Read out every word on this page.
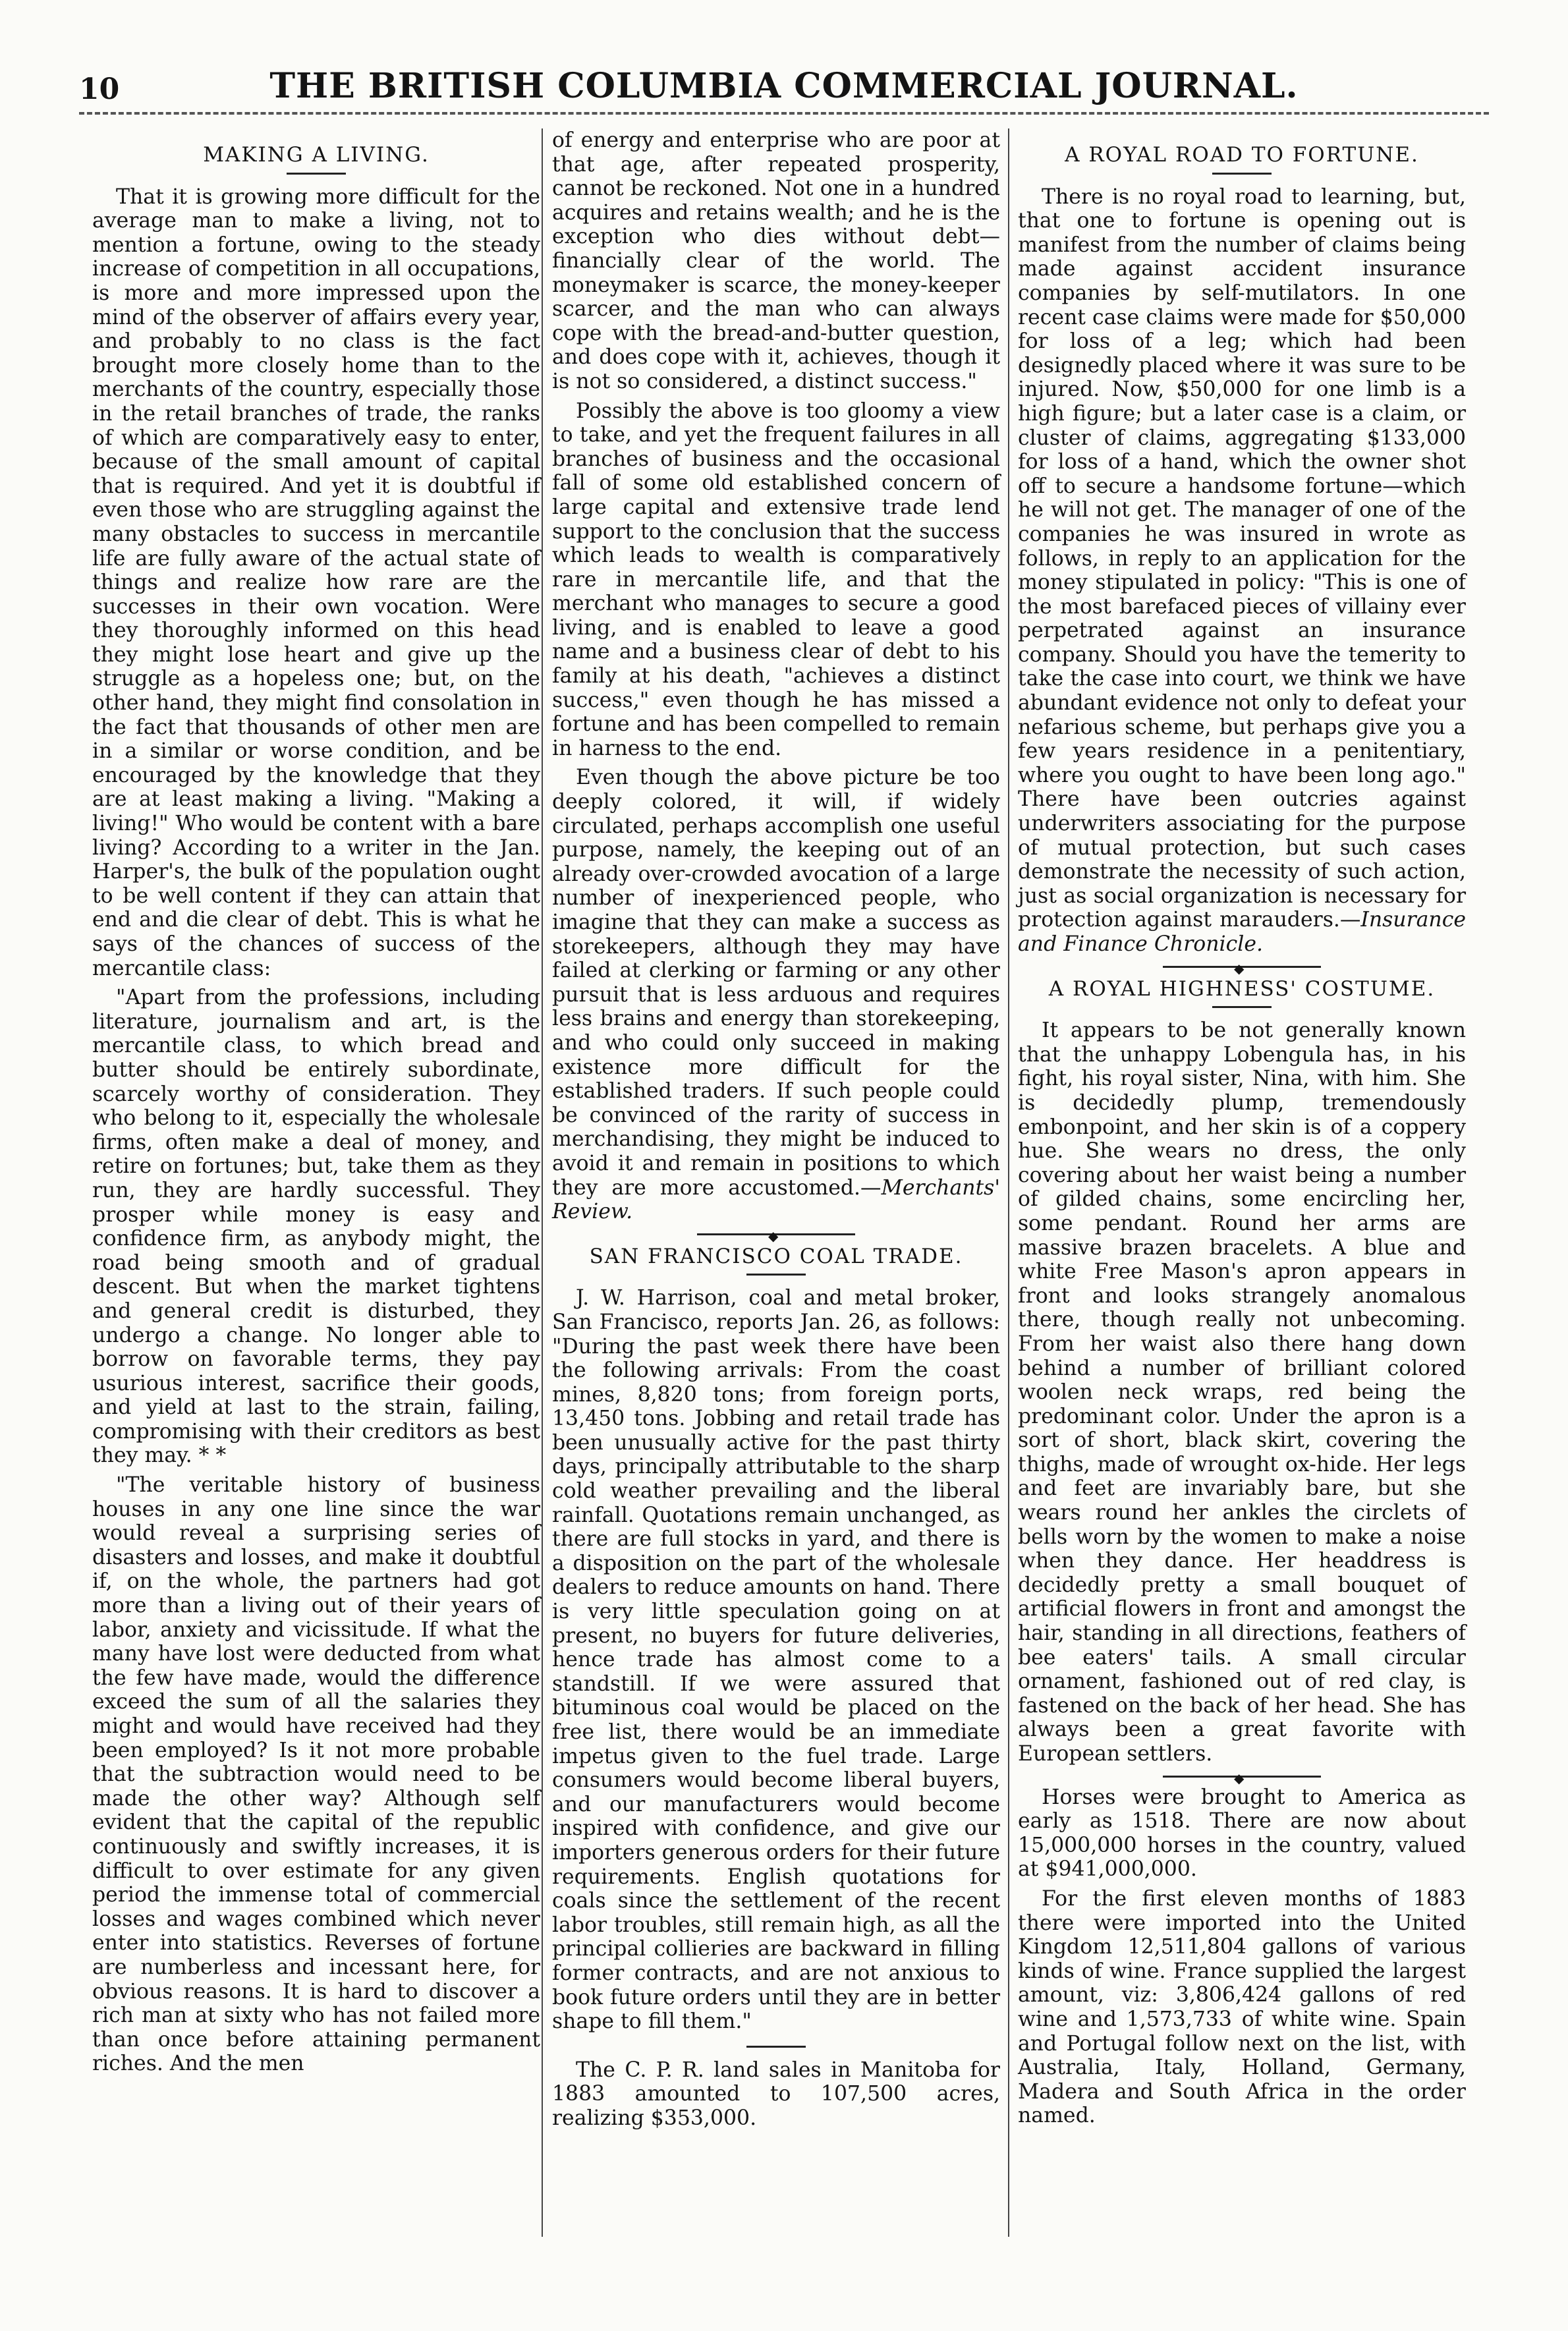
10	THE BRITISH COLUMBIA COMMERCIAL JOURNAL.
MAKING A LIVING.

That it is growing more difficult for the average man to make a living, not to mention a fortune, owing to the steady increase of competition in all occupations, is more and more impressed upon the mind of the observer of affairs every year, and probably to no class is the fact brought more closely home than to the merchants of the country, especially those in the retail branches of trade, the ranks of which are comparatively easy to enter, because of the small amount of capital that is required. And yet it is doubtful if even those who are struggling against the many obstacles to success in mercantile life are fully aware of the actual state of things and realize how rare are the successes in their own vocation. Were they thoroughly informed on this head they might lose heart and give up the struggle as a hopeless one; but, on the other hand, they might find consolation in the fact that thousands of other men are in a similar or worse condition, and be encouraged by the knowledge that they are at least making a living. "Making a living!" Who would be content with a bare living? According to a writer in the Jan. Harper's, the bulk of the population ought to be well content if they can attain that end and die clear of debt. This is what he says of the chances of success of the mercantile class:

"Apart from the professions, including literature, journalism and art, is the mercantile class, to which bread and butter should be entirely subordinate, scarcely worthy of consideration. They who belong to it, especially the wholesale firms, often make a deal of money, and retire on fortunes; but, take them as they run, they are hardly successful. They prosper while money is easy and confidence firm, as anybody might, the road being smooth and of gradual descent. But when the market tightens and general credit is disturbed, they undergo a change. No longer able to borrow on favorable terms, they pay usurious interest, sacrifice their goods, and yield at last to the strain, failing, compromising with their creditors as best they may. * *

"The veritable history of business houses in any one line since the war would reveal a surprising series of disasters and losses, and make it doubtful if, on the whole, the partners had got more than a living out of their years of labor, anxiety and vicissitude. If what the many have lost were deducted from what the few have made, would the difference exceed the sum of all the salaries they might and would have received had they been employed? Is it not more probable that the subtraction would need to be made the other way? Although self evident that the capital of the republic continuously and swiftly increases, it is difficult to over estimate for any given period the immense total of commercial losses and wages combined which never enter into statistics. Reverses of fortune are numberless and incessant here, for obvious reasons. It is hard to discover a rich man at sixty who has not failed more than once before attaining permanent riches. And the men

of energy and enterprise who are poor at that age, after repeated prosperity, cannot be reckoned. Not one in a hundred acquires and retains wealth; and he is the exception who dies without debt—financially clear of the world. The moneymaker is scarce, the money-keeper scarcer, and the man who can always cope with the bread-and-butter question, and does cope with it, achieves, though it is not so considered, a distinct success."

Possibly the above is too gloomy a view to take, and yet the frequent failures in all branches of business and the occasional fall of some old established concern of large capital and extensive trade lend support to the conclusion that the success which leads to wealth is comparatively rare in mercantile life, and that the merchant who manages to secure a good living, and is enabled to leave a good name and a business clear of debt to his family at his death, "achieves a distinct success," even though he has missed a fortune and has been compelled to remain in harness to the end.

Even though the above picture be too deeply colored, it will, if widely circulated, perhaps accomplish one useful purpose, namely, the keeping out of an already over-crowded avocation of a large number of inexperienced people, who imagine that they can make a success as storekeepers, although they may have failed at clerking or farming or any other pursuit that is less arduous and requires less brains and energy than storekeeping, and who could only succeed in making existence more difficult for the established traders. If such people could be convinced of the rarity of success in merchandising, they might be induced to avoid it and remain in positions to which they are more accustomed.—Merchants' Review.

◆
SAN FRANCISCO COAL TRADE.

J. W. Harrison, coal and metal broker, San Francisco, reports Jan. 26, as follows: "During the past week there have been the following arrivals: From the coast mines, 8,820 tons; from foreign ports, 13,450 tons. Jobbing and retail trade has been unusually active for the past thirty days, principally attributable to the sharp cold weather prevailing and the liberal rainfall. Quotations remain unchanged, as there are full stocks in yard, and there is a disposition on the part of the wholesale dealers to reduce amounts on hand. There is very little speculation going on at present, no buyers for future deliveries, hence trade has almost come to a standstill. If we were assured that bituminous coal would be placed on the free list, there would be an immediate impetus given to the fuel trade. Large consumers would become liberal buyers, and our manufacturers would become inspired with confidence, and give our importers generous orders for their future requirements. English quotations for coals since the settlement of the recent labor troubles, still remain high, as all the principal collieries are backward in filling former contracts, and are not anxious to book future orders until they are in better shape to fill them."

The C. P. R. land sales in Manitoba for 1883 amounted to 107,500 acres, realizing $353,000.

A ROYAL ROAD TO FORTUNE.

There is no royal road to learning, but, that one to fortune is opening out is manifest from the number of claims being made against accident insurance companies by self-mutilators. In one recent case claims were made for $50,000 for loss of a leg; which had been designedly placed where it was sure to be injured. Now, $50,000 for one limb is a high figure; but a later case is a claim, or cluster of claims, aggregating $133,000 for loss of a hand, which the owner shot off to secure a handsome fortune—which he will not get. The manager of one of the companies he was insured in wrote as follows, in reply to an application for the money stipulated in policy: "This is one of the most barefaced pieces of villainy ever perpetrated against an insurance company. Should you have the temerity to take the case into court, we think we have abundant evidence not only to defeat your nefarious scheme, but perhaps give you a few years residence in a penitentiary, where you ought to have been long ago." There have been outcries against underwriters associating for the purpose of mutual protection, but such cases demonstrate the necessity of such action, just as social organization is necessary for protection against marauders.—Insurance and Finance Chronicle.

◆
A ROYAL HIGHNESS' COSTUME.

It appears to be not generally known that the unhappy Lobengula has, in his fight, his royal sister, Nina, with him. She is decidedly plump, tremendously embonpoint, and her skin is of a coppery hue. She wears no dress, the only covering about her waist being a number of gilded chains, some encircling her, some pendant. Round her arms are massive brazen bracelets. A blue and white Free Mason's apron appears in front and looks strangely anomalous there, though really not unbecoming. From her waist also there hang down behind a number of brilliant colored woolen neck wraps, red being the predominant color. Under the apron is a sort of short, black skirt, covering the thighs, made of wrought ox-hide. Her legs and feet are invariably bare, but she wears round her ankles the circlets of bells worn by the women to make a noise when they dance. Her headdress is decidedly pretty a small bouquet of artificial flowers in front and amongst the hair, standing in all directions, feathers of bee eaters' tails. A small circular ornament, fashioned out of red clay, is fastened on the back of her head. She has always been a great favorite with European settlers.

◆

Horses were brought to America as early as 1518. There are now about 15,000,000 horses in the country, valued at $941,000,000.

For the first eleven months of 1883 there were imported into the United Kingdom 12,511,804 gallons of various kinds of wine. France supplied the largest amount, viz: 3,806,424 gallons of red wine and 1,573,733 of white wine. Spain and Portugal follow next on the list, with Australia, Italy, Holland, Germany, Madera and South Africa in the order named.
